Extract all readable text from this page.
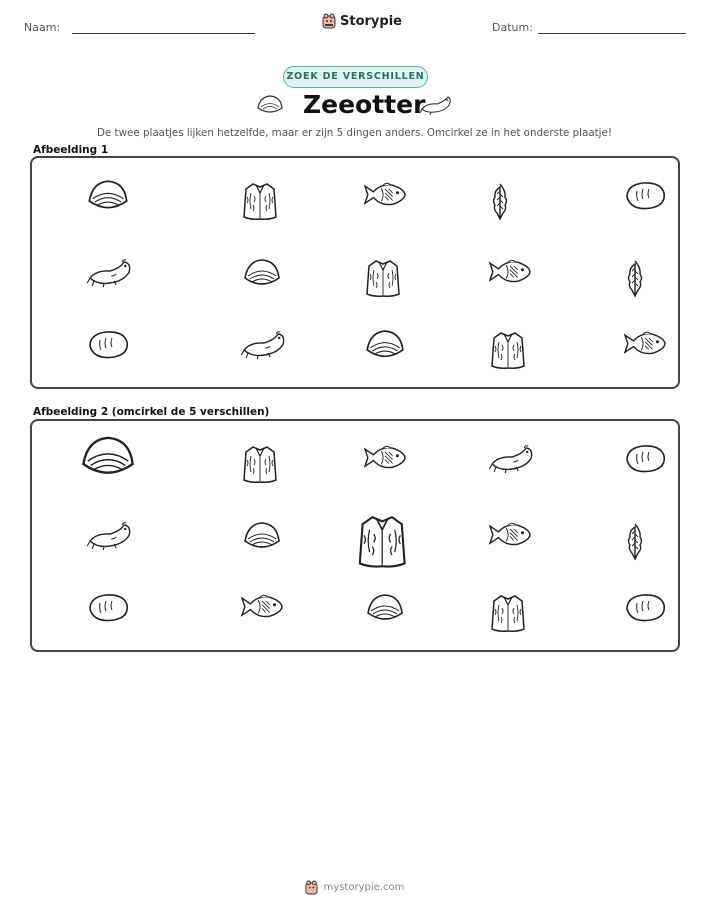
Naam:	Storypie	Datum:
ZOEK DE VERSCHILLEN
Zeeotter
De twee plaatjes lijken hetzelfde, maar er zijn 5 dingen anders. Omcirkel ze in het onderste plaatje!
Afbeelding 1
Afbeelding 2 (omcirkel de 5 verschillen)
mystorypie.com
